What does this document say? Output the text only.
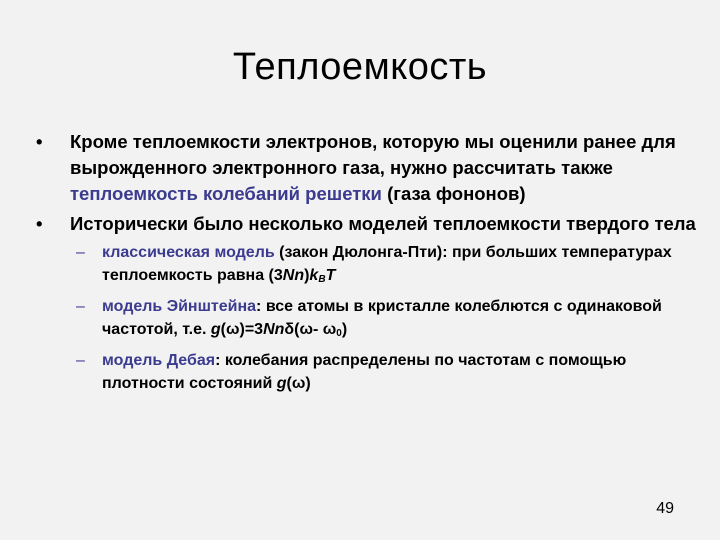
Теплоемкость
• Кроме теплоемкости электронов, которую мы оценили ранее для вырожденного электронного газа, нужно рассчитать также теплоемкость колебаний решетки (газа фононов)
• Исторически было несколько моделей теплоемкости твердого тела
– классическая модель (закон Дюлонга-Пти): при больших температурах теплоемкость равна $(3Nn)k_BT$
– модель Эйнштейна: все атомы в кристалле колеблются с одинаковой частотой, т.е. g(ω)=3Nnδ(ω- $\omega_0$)
– модель Дебая: колебания распределены по частотам с помощью плотности состояний g(ω)
49
